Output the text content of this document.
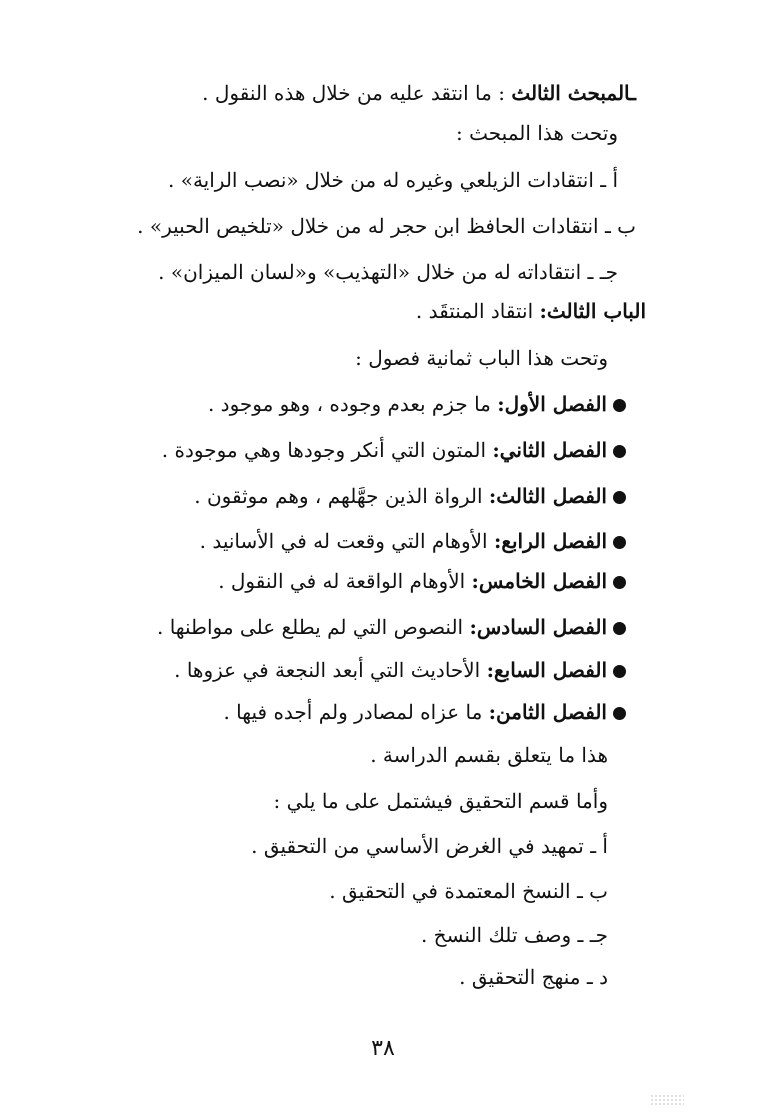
ـالمبحث الثالث : ما انتقد عليه من خلال هذه النقول .
وتحت هذا المبحث :
أ ـ انتقادات الزيلعي وغيره له من خلال «نصب الراية» .
ب ـ انتقادات الحافظ ابن حجر له من خلال «تلخيص الحبير» .
جـ ـ انتقاداته له من خلال «التهذيب» و«لسان الميزان» .
الباب الثالث: انتقاد المنتقَد .
وتحت هذا الباب ثمانية فصول :
الفصل الأول: ما جزم بعدم وجوده ، وهو موجود .
الفصل الثاني: المتون التي أنكر وجودها وهي موجودة .
الفصل الثالث: الرواة الذين جهَّلهم ، وهم موثقون .
الفصل الرابع: الأوهام التي وقعت له في الأسانيد .
الفصل الخامس: الأوهام الواقعة له في النقول .
الفصل السادس: النصوص التي لم يطلع على مواطنها .
الفصل السابع: الأحاديث التي أبعد النجعة في عزوها .
الفصل الثامن: ما عزاه لمصادر ولم أجده فيها .
هذا ما يتعلق بقسم الدراسة .
وأما قسم التحقيق فيشتمل على ما يلي :
أ ـ تمهيد في الغرض الأساسي من التحقيق .
ب ـ النسخ المعتمدة في التحقيق .
جـ ـ وصف تلك النسخ .
د ـ منهج التحقيق .
٣٨
